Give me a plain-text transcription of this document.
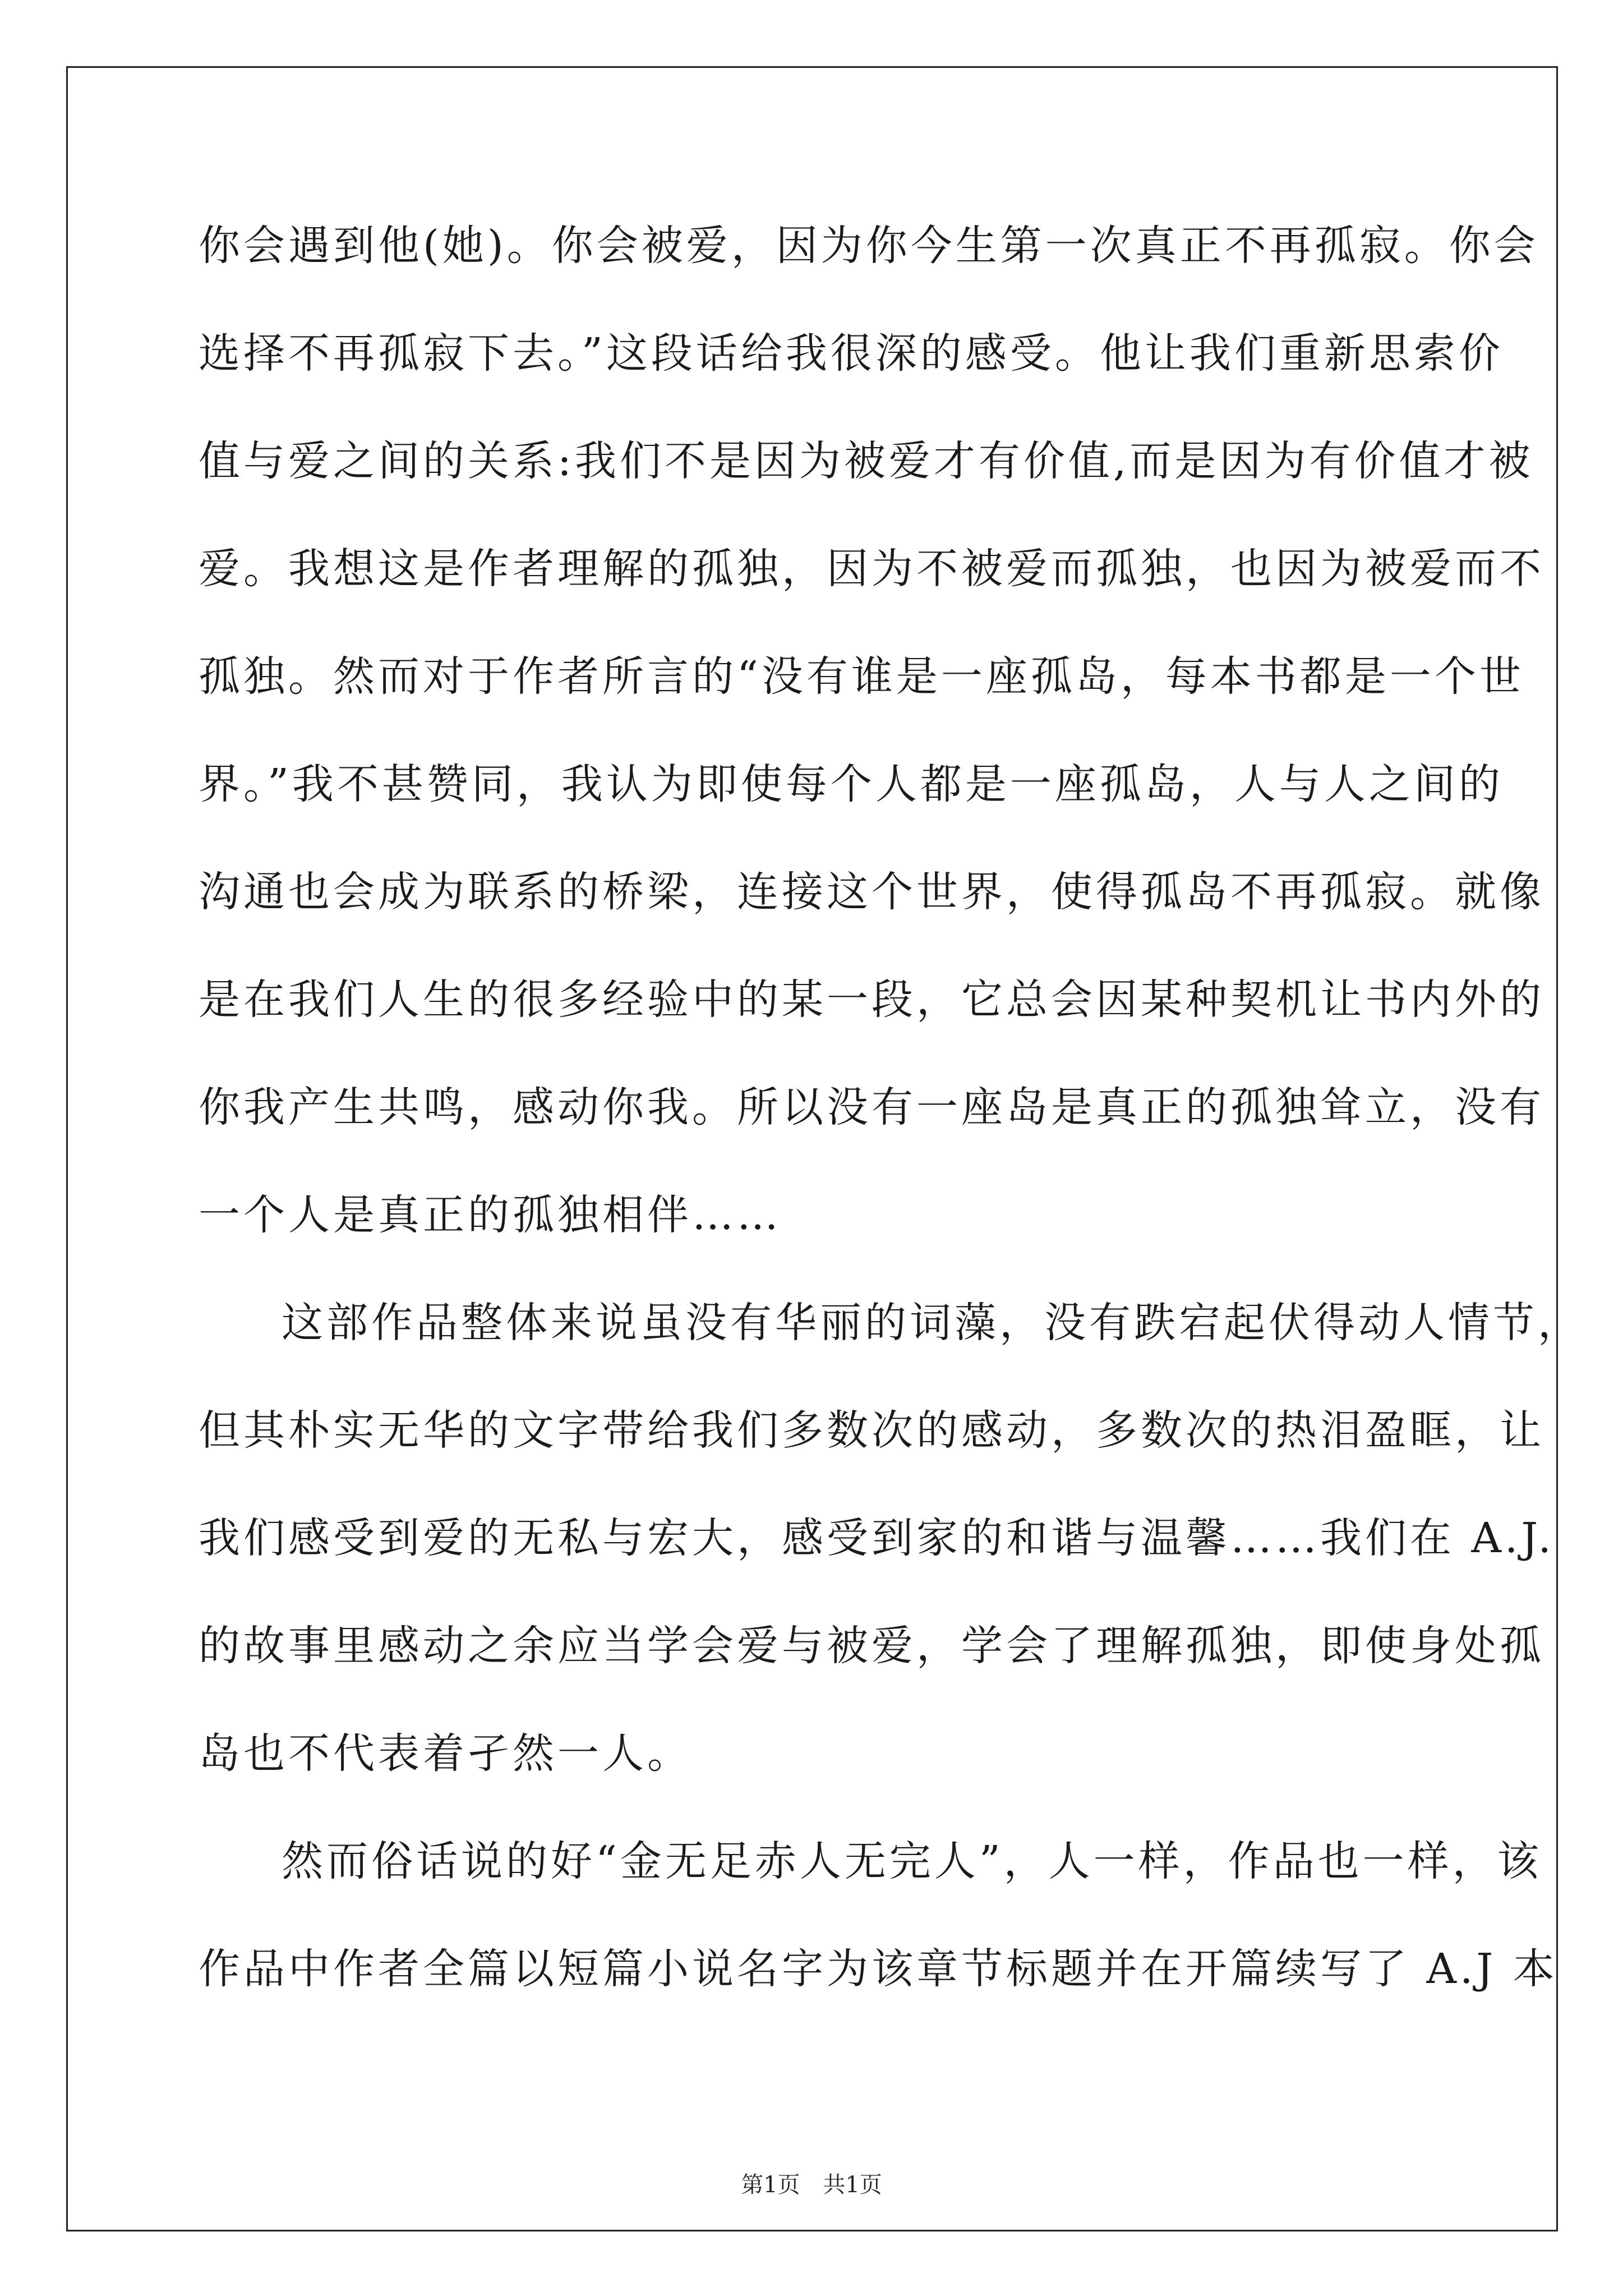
你会遇到他(她)。你会被爱，因为你今生第一次真正不再孤寂。你会
选择不再孤寂下去。”这段话给我很深的感受。他让我们重新思索价
值与爱之间的关系:我们不是因为被爱才有价值,而是因为有价值才被
爱。我想这是作者理解的孤独，因为不被爱而孤独，也因为被爱而不
孤独。然而对于作者所言的“没有谁是一座孤岛，每本书都是一个世
界。”我不甚赞同，我认为即使每个人都是一座孤岛，人与人之间的
沟通也会成为联系的桥梁，连接这个世界，使得孤岛不再孤寂。就像
是在我们人生的很多经验中的某一段，它总会因某种契机让书内外的
你我产生共鸣，感动你我。所以没有一座岛是真正的孤独耸立，没有
一个人是真正的孤独相伴……
这部作品整体来说虽没有华丽的词藻，没有跌宕起伏得动人情节，
但其朴实无华的文字带给我们多数次的感动，多数次的热泪盈眶，让
我们感受到爱的无私与宏大，感受到家的和谐与温馨……我们在 A.J.
的故事里感动之余应当学会爱与被爱，学会了理解孤独，即使身处孤
岛也不代表着孑然一人。
然而俗话说的好“金无足赤人无完人”，人一样，作品也一样，该
作品中作者全篇以短篇小说名字为该章节标题并在开篇续写了 A.J 本
第1页 共1页
